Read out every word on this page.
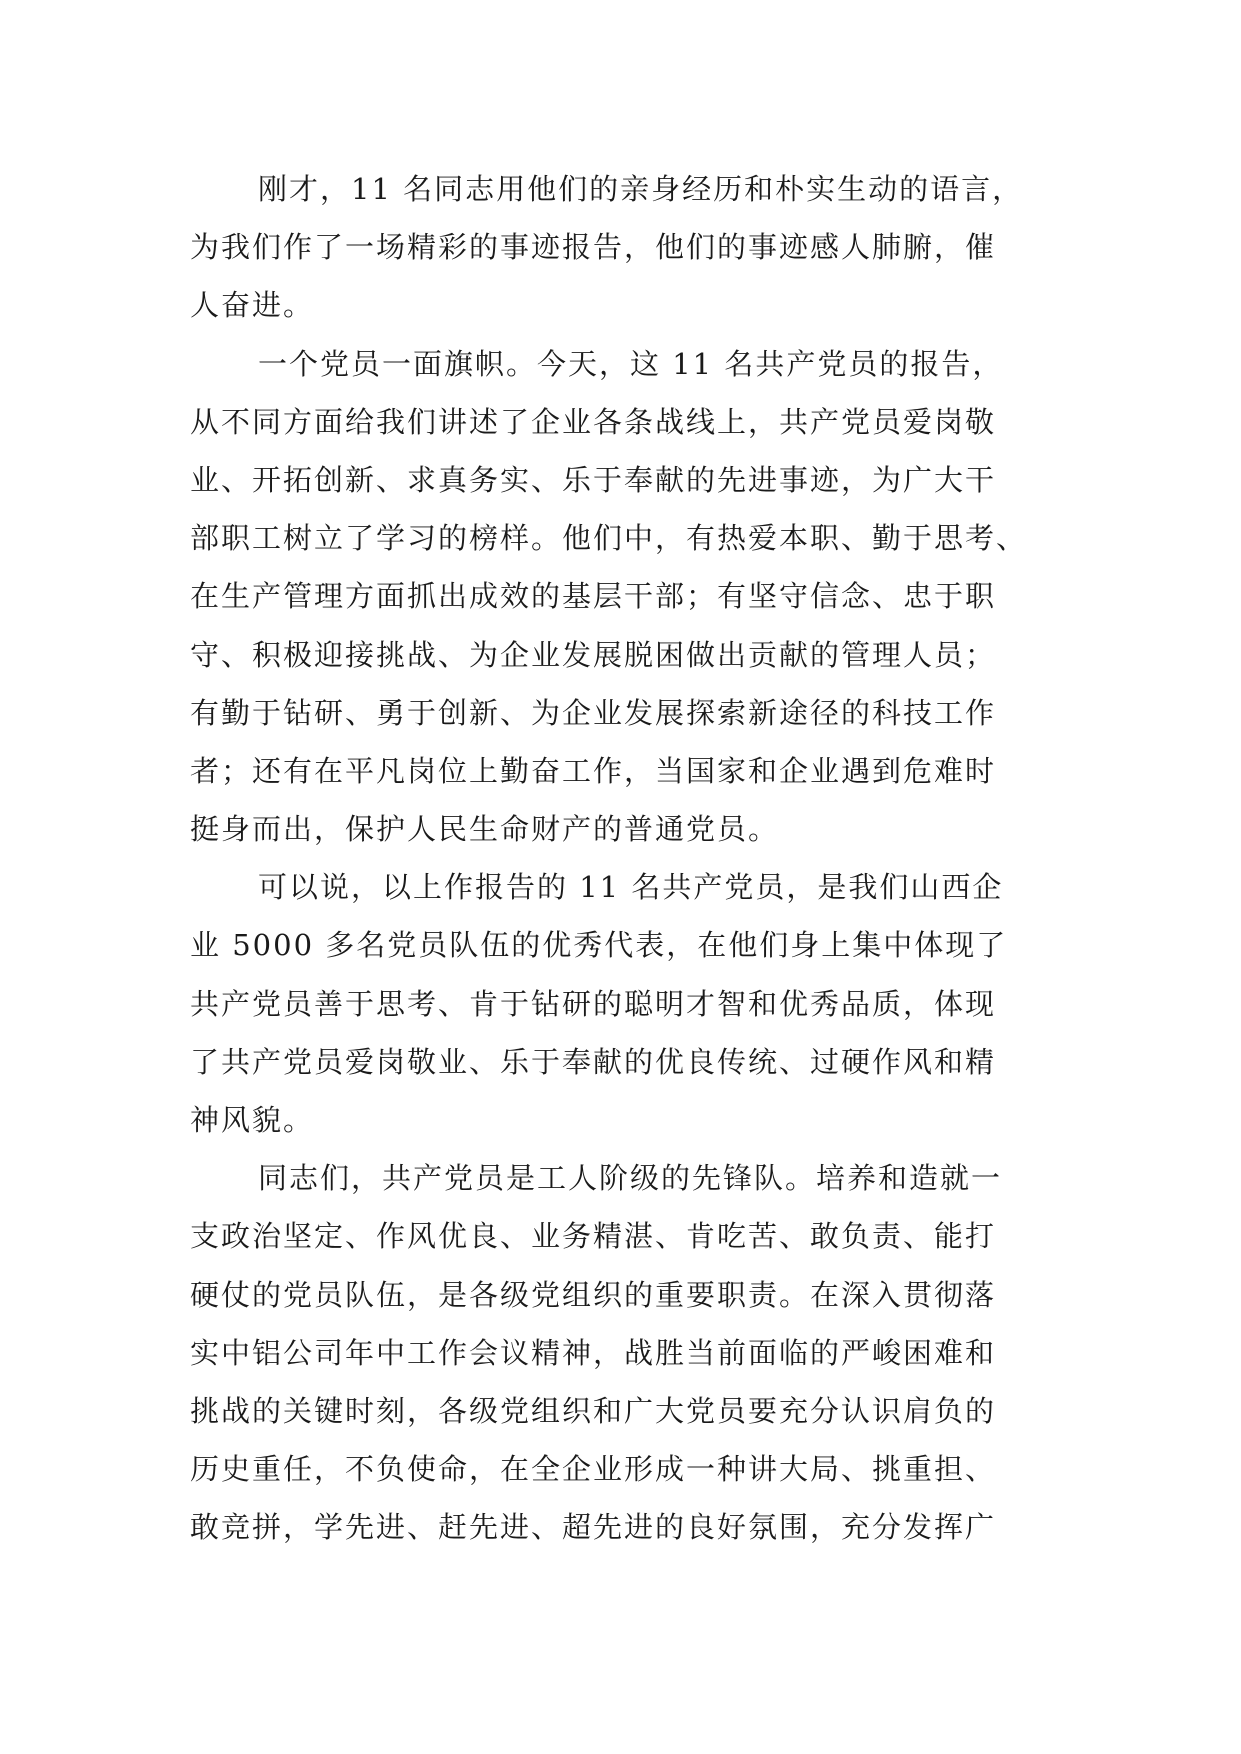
刚才，11 名同志用他们的亲身经历和朴实生动的语言，
为我们作了一场精彩的事迹报告，他们的事迹感人肺腑，催
人奋进。
一个党员一面旗帜。今天，这 11 名共产党员的报告，
从不同方面给我们讲述了企业各条战线上，共产党员爱岗敬
业、开拓创新、求真务实、乐于奉献的先进事迹，为广大干
部职工树立了学习的榜样。他们中，有热爱本职、勤于思考、
在生产管理方面抓出成效的基层干部；有坚守信念、忠于职
守、积极迎接挑战、为企业发展脱困做出贡献的管理人员；
有勤于钻研、勇于创新、为企业发展探索新途径的科技工作
者；还有在平凡岗位上勤奋工作，当国家和企业遇到危难时
挺身而出，保护人民生命财产的普通党员。
可以说，以上作报告的 11 名共产党员，是我们山西企
业 5000 多名党员队伍的优秀代表，在他们身上集中体现了
共产党员善于思考、肯于钻研的聪明才智和优秀品质，体现
了共产党员爱岗敬业、乐于奉献的优良传统、过硬作风和精
神风貌。
同志们，共产党员是工人阶级的先锋队。培养和造就一
支政治坚定、作风优良、业务精湛、肯吃苦、敢负责、能打
硬仗的党员队伍，是各级党组织的重要职责。在深入贯彻落
实中铝公司年中工作会议精神，战胜当前面临的严峻困难和
挑战的关键时刻，各级党组织和广大党员要充分认识肩负的
历史重任，不负使命，在全企业形成一种讲大局、挑重担、
敢竞拼，学先进、赶先进、超先进的良好氛围，充分发挥广
